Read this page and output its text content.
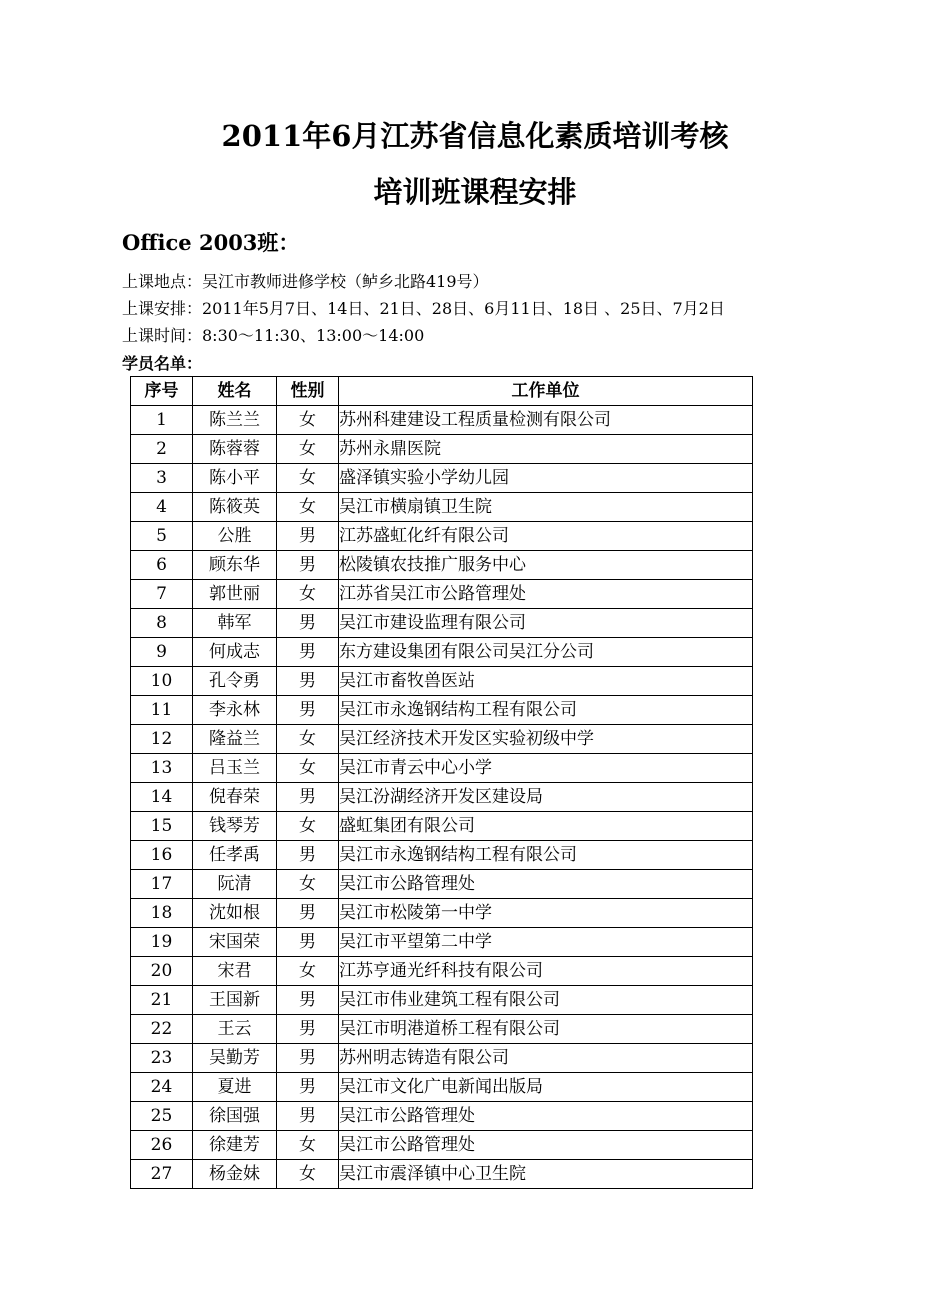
2011年6月江苏省信息化素质培训考核
培训班课程安排
Office 2003班：
上课地点：吴江市教师进修学校（鲈乡北路419号）
上课安排：2011年5月7日、14日、21日、28日、6月11日、18日 、25日、7月2日
上课时间：8:30～11:30、13:00～14:00
学员名单：
序号	姓名	性别	工作单位
1	陈兰兰	女	苏州科建建设工程质量检测有限公司
2	陈蓉蓉	女	苏州永鼎医院
3	陈小平	女	盛泽镇实验小学幼儿园
4	陈筱英	女	吴江市横扇镇卫生院
5	公胜	男	江苏盛虹化纤有限公司
6	顾东华	男	松陵镇农技推广服务中心
7	郭世丽	女	江苏省吴江市公路管理处
8	韩军	男	吴江市建设监理有限公司
9	何成志	男	东方建设集团有限公司吴江分公司
10	孔令勇	男	吴江市畜牧兽医站
11	李永林	男	吴江市永逸钢结构工程有限公司
12	隆益兰	女	吴江经济技术开发区实验初级中学
13	吕玉兰	女	吴江市青云中心小学
14	倪春荣	男	吴江汾湖经济开发区建设局
15	钱琴芳	女	盛虹集团有限公司
16	任孝禹	男	吴江市永逸钢结构工程有限公司
17	阮清	女	吴江市公路管理处
18	沈如根	男	吴江市松陵第一中学
19	宋国荣	男	吴江市平望第二中学
20	宋君	女	江苏亨通光纤科技有限公司
21	王国新	男	吴江市伟业建筑工程有限公司
22	王云	男	吴江市明港道桥工程有限公司
23	吴勤芳	男	苏州明志铸造有限公司
24	夏进	男	吴江市文化广电新闻出版局
25	徐国强	男	吴江市公路管理处
26	徐建芳	女	吴江市公路管理处
27	杨金妹	女	吴江市震泽镇中心卫生院
